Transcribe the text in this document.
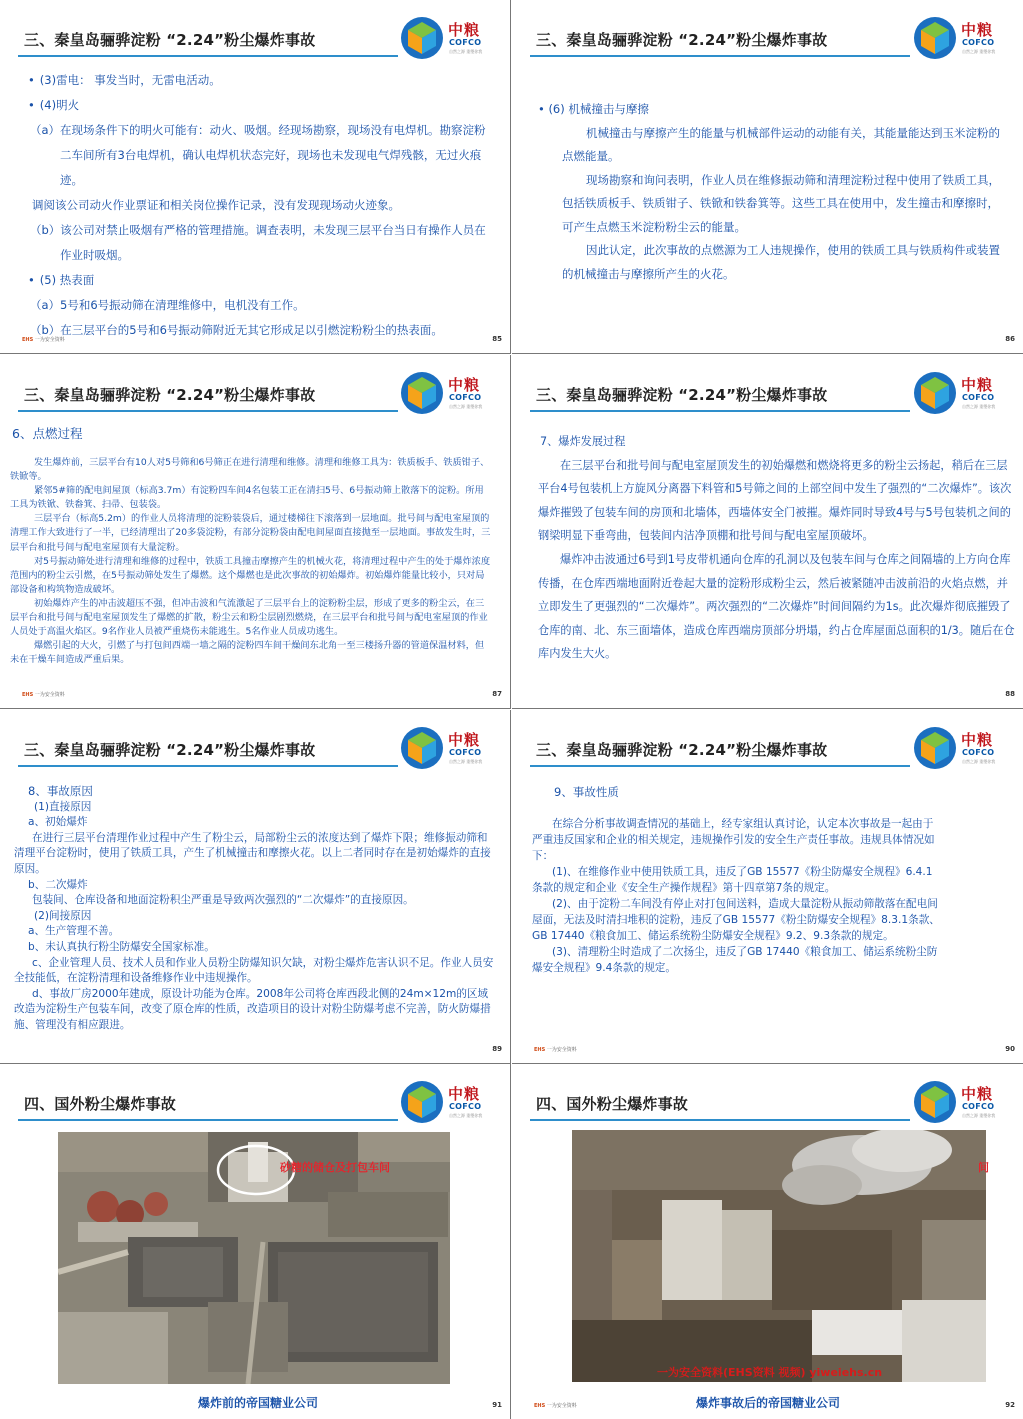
三、秦皇岛骊骅淀粉 “2.24”粉尘爆炸事故
中粮
COFCO
自然之源 重塑你我
EHS 一为安全资料	85
• (3)雷电： 事发当时，无雷电活动。
• (4)明火
（a）在现场条件下的明火可能有：动火、吸烟。经现场勘察，现场没有电焊机。勘察淀粉二车间所有3台电焊机，确认电焊机状态完好，现场也未发现电气焊残骸，无过火痕迹。
调阅该公司动火作业票证和相关岗位操作记录，没有发现现场动火迹象。
（b）该公司对禁止吸烟有严格的管理措施。调查表明，未发现三层平台当日有操作人员在作业时吸烟。
• (5) 热表面
（a）5号和6号振动筛在清理维修中，电机没有工作。
（b）在三层平台的5号和6号振动筛附近无其它形成足以引燃淀粉粉尘的热表面。
三、秦皇岛骊骅淀粉 “2.24”粉尘爆炸事故
中粮
COFCO
自然之源 重塑你我
86
• (6) 机械撞击与摩擦
机械撞击与摩擦产生的能量与机械部件运动的动能有关，其能量能达到玉米淀粉的点燃能量。
现场勘察和询问表明，作业人员在维修振动筛和清理淀粉过程中使用了铁质工具，包括铁质板手、铁质钳子、铁锨和铁畚箕等。这些工具在使用中，发生撞击和摩擦时，可产生点燃玉米淀粉粉尘云的能量。
因此认定，此次事故的点燃源为工人违规操作，使用的铁质工具与铁质构件或装置的机械撞击与摩擦所产生的火花。
三、秦皇岛骊骅淀粉 “2.24”粉尘爆炸事故
中粮
COFCO
自然之源 重塑你我
EHS 一为安全资料	87
6、点燃过程
发生爆炸前，三层平台有10人对5号筛和6号筛正在进行清理和维修。清理和维修工具为：铁质板手、铁质钳子、铁锨等。
紧邻5#筛的配电间屋顶（标高3.7m）有淀粉四车间4名包装工正在清扫5号、6号振动筛上散落下的淀粉。所用工具为铁锨、铁畚箕、扫帚、包装袋。
三层平台（标高5.2m）的作业人员将清理的淀粉装袋后，通过楼梯往下滚落到一层地面。批号间与配电室屋顶的清理工作大致进行了一半，已经清理出了20多袋淀粉，有部分淀粉袋由配电间屋面直接抛至一层地面。事故发生时，三层平台和批号间与配电室屋顶有大量淀粉。
对5号振动筛处进行清理和维修的过程中，铁质工具撞击摩擦产生的机械火花，将清理过程中产生的处于爆炸浓度范围内的粉尘云引燃，在5号振动筛处发生了爆燃。这个爆燃也是此次事故的初始爆炸。初始爆炸能量比较小，只对局部设备和构筑物造成破坏。
初始爆炸产生的冲击波超压不强，但冲击波和气流激起了三层平台上的淀粉粉尘层，形成了更多的粉尘云，在三层平台和批号间与配电室屋顶发生了爆燃的扩散，粉尘云和粉尘层剧烈燃烧，在三层平台和批号间与配电室屋顶的作业人员处于高温火焰区。9名作业人员被严重烧伤未能逃生。5名作业人员成功逃生。
爆燃引起的大火，引燃了与打包间西端一墙之隔的淀粉四车间干燥间东北角一至三楼扬升器的管道保温材料，但未在干燥车间造成严重后果。
三、秦皇岛骊骅淀粉 “2.24”粉尘爆炸事故
中粮
COFCO
自然之源 重塑你我
88
7、爆炸发展过程
在三层平台和批号间与配电室屋顶发生的初始爆燃和燃烧将更多的粉尘云扬起，稍后在三层平台4号包装机上方旋风分离器下料管和5号筛之间的上部空间中发生了强烈的“二次爆炸”。该次爆炸摧毁了包装车间的房顶和北墙体，西墙体安全门被摧。爆炸同时导致4号与5号包装机之间的钢梁明显下垂弯曲，包装间内洁净顶棚和批号间与配电室屋顶破坏。
爆炸冲击波通过6号到1号皮带机通向仓库的孔洞以及包装车间与仓库之间隔墙的上方向仓库传播，在仓库西端地面附近卷起大量的淀粉形成粉尘云，然后被紧随冲击波前沿的火焰点燃，并立即发生了更强烈的“二次爆炸”。两次强烈的“二次爆炸”时间间隔约为1s。此次爆炸彻底摧毁了仓库的南、北、东三面墙体，造成仓库西端房顶部分坍塌，约占仓库屋面总面积的1/3。随后在仓库内发生大火。
三、秦皇岛骊骅淀粉 “2.24”粉尘爆炸事故
中粮
COFCO
自然之源 重塑你我
89
8、事故原因
(1)直接原因
a、初始爆炸
在进行三层平台清理作业过程中产生了粉尘云，局部粉尘云的浓度达到了爆炸下限；维修振动筛和清理平台淀粉时，使用了铁质工具，产生了机械撞击和摩擦火花。以上二者同时存在是初始爆炸的直接原因。
b、二次爆炸
包装间、仓库设备和地面淀粉积尘严重是导致两次强烈的“二次爆炸”的直接原因。
(2)间接原因
a、生产管理不善。
b、未认真执行粉尘防爆安全国家标准。
c、企业管理人员、技术人员和作业人员粉尘防爆知识欠缺，对粉尘爆炸危害认识不足。作业人员安全技能低，在淀粉清理和设备维修作业中违规操作。
d、事故厂房2000年建成，原设计功能为仓库。2008年公司将仓库西段北侧的24m×12m的区域改造为淀粉生产包装车间，改变了原仓库的性质，改造项目的设计对粉尘防爆考虑不完善，防火防爆措施、管理没有相应跟进。
三、秦皇岛骊骅淀粉 “2.24”粉尘爆炸事故
中粮
COFCO
自然之源 重塑你我
EHS 一为安全资料	90
9、事故性质
在综合分析事故调查情况的基础上，经专家组认真讨论，认定本次事故是一起由于严重违反国家和企业的相关规定，违规操作引发的安全生产责任事故。违规具体情况如下：
(1)、在维修作业中使用铁质工具，违反了GB 15577《粉尘防爆安全规程》6.4.1条款的规定和企业《安全生产操作规程》第十四章第7条的规定。
(2)、由于淀粉二车间没有停止对打包间送料，造成大量淀粉从振动筛散落在配电间屋面，无法及时清扫堆积的淀粉，违反了GB 15577《粉尘防爆安全规程》8.3.1条款、GB 17440《粮食加工、储运系统粉尘防爆安全规程》9.2、9.3条款的规定。
(3)、清理粉尘时造成了二次扬尘，违反了GB 17440《粮食加工、储运系统粉尘防爆安全规程》9.4条款的规定。
四、国外粉尘爆炸事故
中粮
COFCO
自然之源 重塑你我
砂糖的储仓及打包车间
爆炸前的帝国糖业公司	91
四、国外粉尘爆炸事故
中粮
COFCO
自然之源 重塑你我
间
一为安全资料(EHS资料 视频) yiweiehs.cn
爆炸事故后的帝国糖业公司
EHS 一为安全资料	92
